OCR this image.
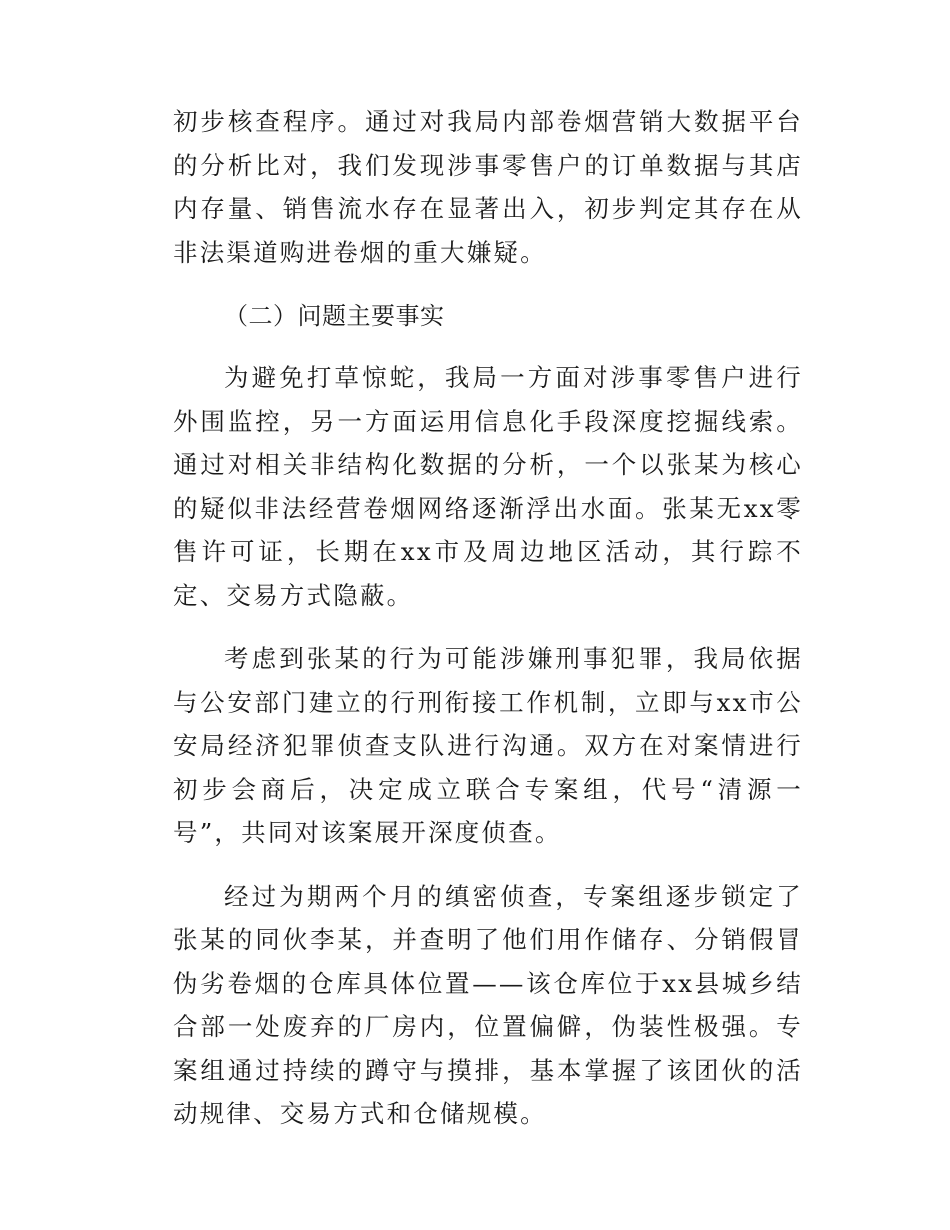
初步核查程序。通过对我局内部卷烟营销大数据平台的分析比对，我们发现涉事零售户的订单数据与其店内存量、销售流水存在显著出入，初步判定其存在从非法渠道购进卷烟的重大嫌疑。

（二）问题主要事实

为避免打草惊蛇，我局一方面对涉事零售户进行外围监控，另一方面运用信息化手段深度挖掘线索。通过对相关非结构化数据的分析，一个以张某为核心的疑似非法经营卷烟网络逐渐浮出水面。张某无xx零售许可证，长期在xx市及周边地区活动，其行踪不定、交易方式隐蔽。

考虑到张某的行为可能涉嫌刑事犯罪，我局依据与公安部门建立的行刑衔接工作机制，立即与xx市公安局经济犯罪侦查支队进行沟通。双方在对案情进行初步会商后，决定成立联合专案组，代号“清源一号”，共同对该案展开深度侦查。

经过为期两个月的缜密侦查，专案组逐步锁定了张某的同伙李某，并查明了他们用作储存、分销假冒伪劣卷烟的仓库具体位置——该仓库位于xx县城乡结合部一处废弃的厂房内，位置偏僻，伪装性极强。专案组通过持续的蹲守与摸排，基本掌握了该团伙的活动规律、交易方式和仓储规模。
